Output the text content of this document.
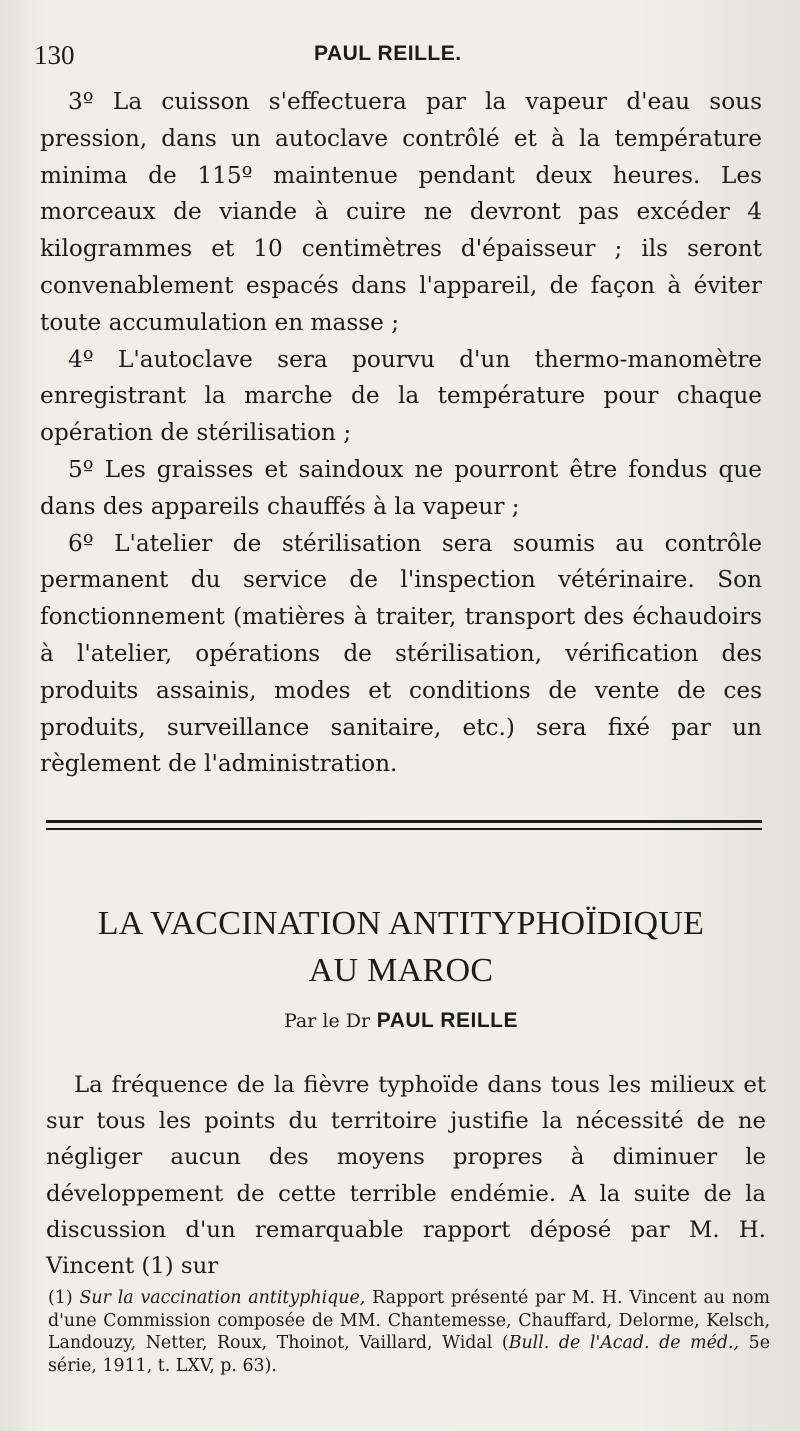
130	PAUL REILLE.

3º La cuisson s'effectuera par la vapeur d'eau sous pression, dans un autoclave contrôlé et à la température minima de 115º maintenue pendant deux heures. Les morceaux de viande à cuire ne devront pas excéder 4 kilogrammes et 10 centimètres d'épaisseur ; ils seront convenablement espacés dans l'appareil, de façon à éviter toute accumulation en masse ;

4º L'autoclave sera pourvu d'un thermo-manomètre enregistrant la marche de la température pour chaque opération de stérilisation ;

5º Les graisses et saindoux ne pourront être fondus que dans des appareils chauffés à la vapeur ;

6º L'atelier de stérilisation sera soumis au contrôle permanent du service de l'inspection vétérinaire. Son fonctionnement (matières à traiter, transport des échaudoirs à l'atelier, opérations de stérilisation, vérification des produits assainis, modes et conditions de vente de ces produits, surveillance sanitaire, etc.) sera fixé par un règlement de l'administration.

LA VACCINATION ANTITYPHOÏDIQUE
AU MAROC
Par le Dr PAUL REILLE

La fréquence de la fièvre typhoïde dans tous les milieux et sur tous les points du territoire justifie la nécessité de ne négliger aucun des moyens propres à diminuer le développement de cette terrible endémie. A la suite de la discussion d'un remarquable rapport déposé par M. H. Vincent (1) sur

(1) Sur la vaccination antityphique, Rapport présenté par M. H. Vincent au nom d'une Commission composée de MM. Chantemesse, Chauffard, Delorme, Kelsch, Landouzy, Netter, Roux, Thoinot, Vaillard, Widal (Bull. de l'Acad. de méd., 5e série, 1911, t. LXV, p. 63).
